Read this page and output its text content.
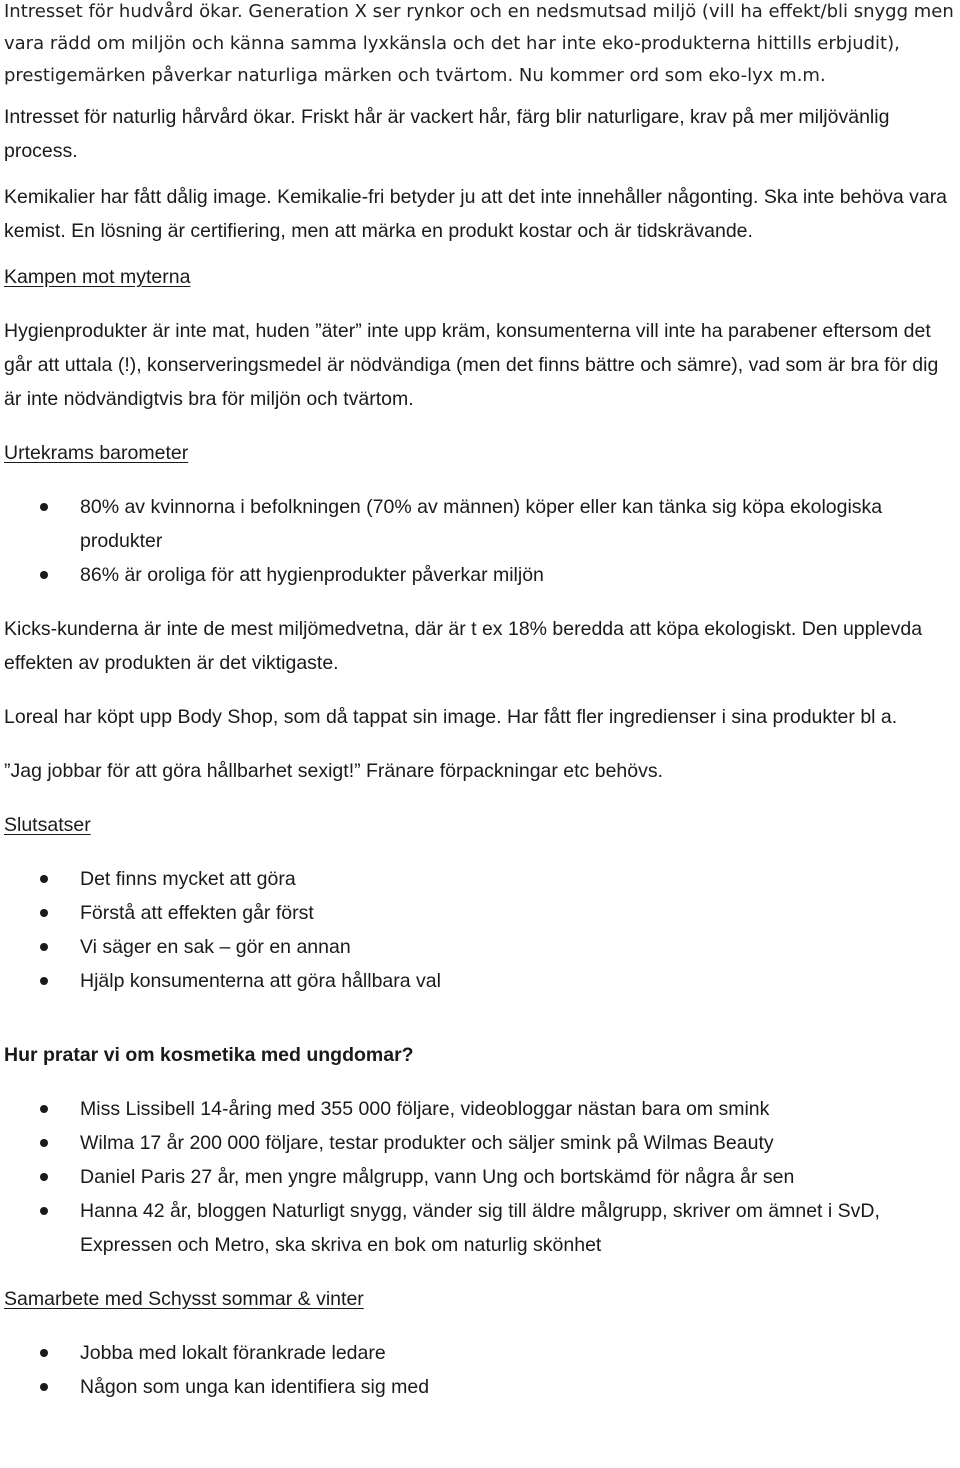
Intresset för hudvård ökar. Generation X ser rynkor och en nedsmutsad miljö (vill ha effekt/bli snygg men vara rädd om miljön och känna samma lyxkänsla och det har inte eko-produkterna hittills erbjudit), prestigemärken påverkar naturliga märken och tvärtom. Nu kommer ord som eko-lyx m.m.

Intresset för naturlig hårvård ökar. Friskt hår är vackert hår, färg blir naturligare, krav på mer miljövänlig process.

Kemikalier har fått dålig image. Kemikalie-fri betyder ju att det inte innehåller någonting. Ska inte behöva vara kemist. En lösning är certifiering, men att märka en produkt kostar och är tidskrävande.

Kampen mot myterna

Hygienprodukter är inte mat, huden ”äter” inte upp kräm, konsumenterna vill inte ha parabener eftersom det går att uttala (!), konserveringsmedel är nödvändiga (men det finns bättre och sämre), vad som är bra för dig är inte nödvändigtvis bra för miljön och tvärtom.

Urtekrams barometer

80% av kvinnorna i befolkningen (70% av männen) köper eller kan tänka sig köpa ekologiska produkter
86% är oroliga för att hygienprodukter påverkar miljön

Kicks-kunderna är inte de mest miljömedvetna, där är t ex 18% beredda att köpa ekologiskt. Den upplevda effekten av produkten är det viktigaste.

Loreal har köpt upp Body Shop, som då tappat sin image. Har fått fler ingredienser i sina produkter bl a.

”Jag jobbar för att göra hållbarhet sexigt!” Fränare förpackningar etc behövs.

Slutsatser

Det finns mycket att göra
Förstå att effekten går först
Vi säger en sak – gör en annan
Hjälp konsumenterna att göra hållbara val

Hur pratar vi om kosmetika med ungdomar?

Miss Lissibell 14-åring med 355 000 följare, videobloggar nästan bara om smink
Wilma 17 år 200 000 följare, testar produkter och säljer smink på Wilmas Beauty
Daniel Paris 27 år, men yngre målgrupp, vann Ung och bortskämd för några år sen
Hanna 42 år, bloggen Naturligt snygg, vänder sig till äldre målgrupp, skriver om ämnet i SvD, Expressen och Metro, ska skriva en bok om naturlig skönhet

Samarbete med Schysst sommar & vinter

Jobba med lokalt förankrade ledare
Någon som unga kan identifiera sig med
